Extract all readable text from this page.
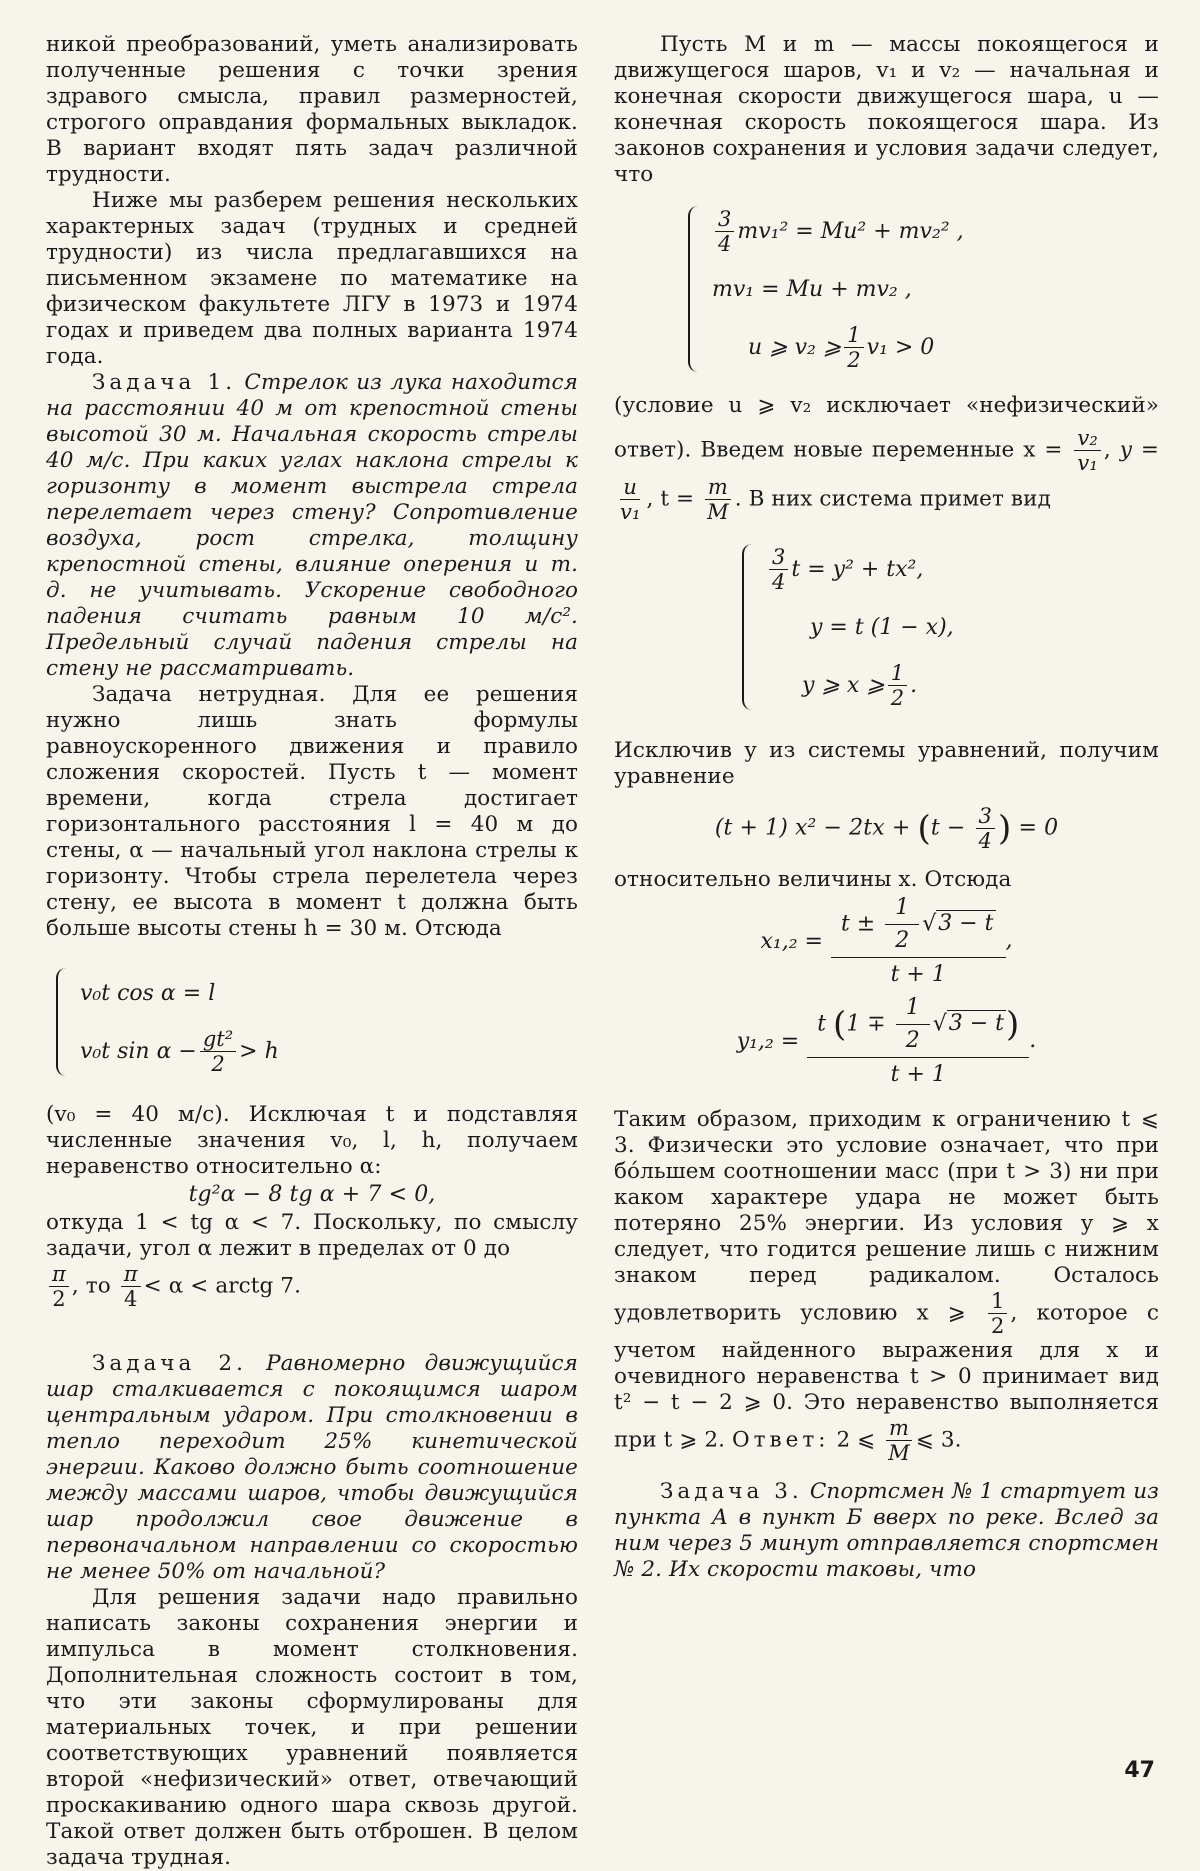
никой преобразований, уметь анализировать полученные решения с точки зрения здравого смысла, правил размерностей, строгого оправдания формальных выкладок. В вариант входят пять задач различной трудности.

Ниже мы разберем решения нескольких характерных задач (трудных и средней трудности) из числа предлагавшихся на письменном экзамене по математике на физическом факультете ЛГУ в 1973 и 1974 годах и приведем два полных варианта 1974 года.

Задача 1. Стрелок из лука находится на расстоянии 40 м от крепостной стены высотой 30 м. Начальная скорость стрелы 40 м/с. При каких углах наклона стрелы к горизонту в момент выстрела стрела перелетает через стену? Сопротивление воздуха, рост стрелка, толщину крепостной стены, влияние оперения и т. д. не учитывать. Ускорение свободного падения считать равным 10 м/с². Предельный случай падения стрелы на стену не рассматривать.

Задача нетрудная. Для ее решения нужно лишь знать формулы равноускоренного движения и правило сложения скоростей. Пусть t — момент времени, когда стрела достигает горизонтального расстояния l = 40 м до стены, α — начальный угол наклона стрелы к горизонту. Чтобы стрела перелетела через стену, ее высота в момент t должна быть больше высоты стены h = 30 м. Отсюда

v₀t cos α = l
v₀t $\sin \alpha - \frac{\text{gt²}}{2} > h$

(v₀ = 40 м/с). Исключая t и подставляя численные значения v₀, l, h, получаем неравенство относительно α:

tg²α − 8 tg α + 7 < 0,

откуда 1 < tg α < 7. Поскольку, по смыслу задачи, угол α лежит в пределах от 0 до

$\frac{\pi}{2}$ , то $\frac{\pi}{4} < \alpha$ < arctg 7.

Задача 2. Равномерно движущийся шар сталкивается с покоящимся шаром центральным ударом. При столкновении в тепло переходит 25% кинетической энергии. Каково должно быть соотношение между массами шаров, чтобы движущийся шар продолжил свое движение в первоначальном направлении со скоростью не менее 50% от начальной?

Для решения задачи надо правильно написать законы сохранения энергии и импульса в момент столкновения. Дополнительная сложность состоит в том, что эти законы сформулированы для материальных точек, и при решении соответствующих уравнений появляется второй «нефизический» ответ, отвечающий проскакиванию одного шара сквозь другой. Такой ответ должен быть отброшен. В целом задача трудная.

Пусть M и m — массы покоящегося и движущегося шаров, v₁ и v₂ — начальная и конечная скорости движущегося шара, u — конечная скорость покоящегося шара. Из законов сохранения и условия задачи следует, что

$\frac{3}{4} mv_1^2 = Mu^2 + mv_2^2$ ,
mv₁ = Mu + mv₂ ,
u ⩾ v₂ ⩾ $\frac{1}{2} v_1 > 0$

(условие u ⩾ v₂ исключает «нефизический» ответ). Введем новые переменные $x = \frac{\text{v₂}}{\text{v₁}}$ , y =
$\frac{u}{\text{v₁}}$ , $t = \frac{m}{M}$ . В них система примет вид

$\frac{3}{4}$ t = y² + tx²,
y = t (1 − x),
y ⩾ x ⩾ $\frac{1}{2}$ .

Исключив y из системы уравнений, получим уравнение

(t + 1) $x^2 - 2tx + (t - \frac{3}{4}$ ) = 0

относительно величины x. Отсюда

$x_1,_2 = \frac{t \pm \frac{1}{2} √3 - t}{t + 1}$ ,
y₁,₂ =
t $(1 \mp \frac{1}{2} √3 - t)$
t + 1
.

Таким образом, приходим к ограничению t ⩽ 3. Физически это условие означает, что при бóльшем соотношении масс (при t > 3) ни при каком характере удара не может быть потеряно 25% энергии. Из условия y ⩾ x следует, что годится решение лишь с нижним знаком перед радикалом. Осталось удовлетворить условию x ⩾ $\frac{1}{2}$ , которое с учетом найденного выражения для x и очевидного неравенства t > 0 принимает вид t² − t − 2 ⩾ 0. Это неравенство выполняется при t ⩾ 2. Ответ: 2 ⩽ $\frac{m}{M}$ ⩽ 3.

Задача 3. Спортсмен № 1 стартует из пункта А в пункт Б вверх по реке. Вслед за ним через 5 минут отправляется спортсмен № 2. Их скорости таковы, что

47
